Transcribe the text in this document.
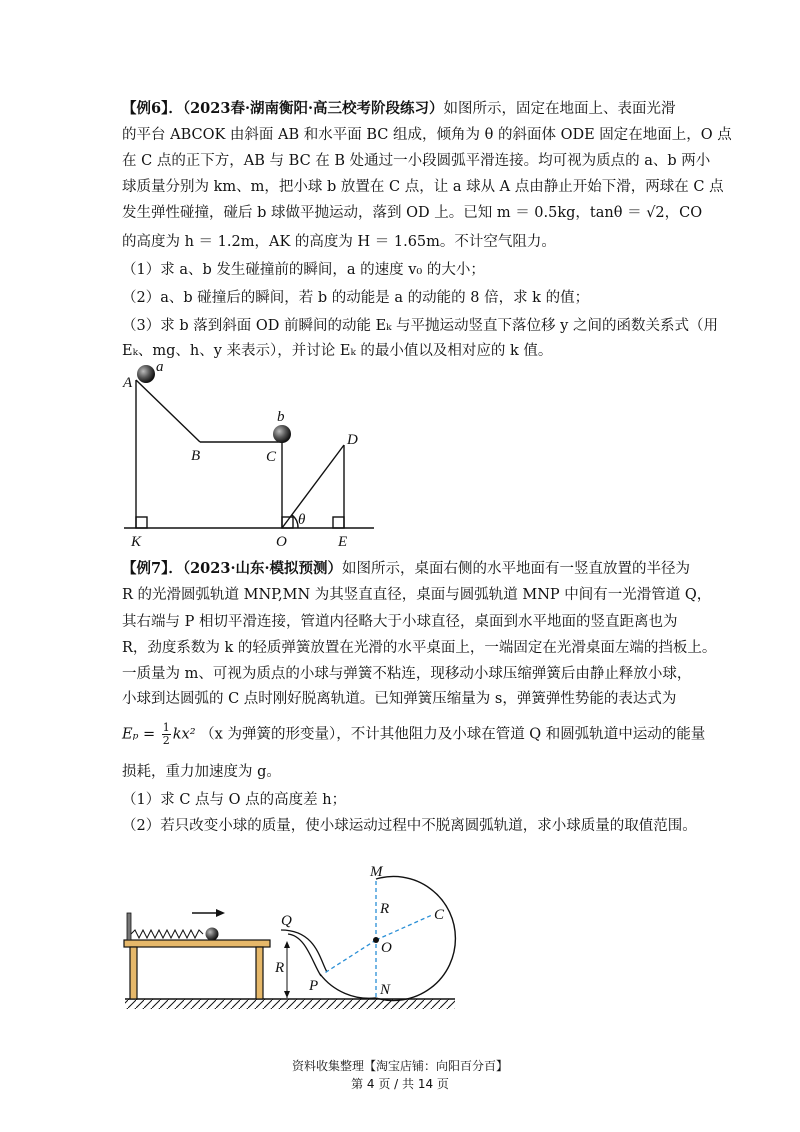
【例6】．（2023春·湖南衡阳·高三校考阶段练习）如图所示，固定在地面上、表面光滑
的平台 ABCOK 由斜面 AB 和水平面 BC 组成，倾角为 θ 的斜面体 ODE 固定在地面上，O 点
在 C 点的正下方，AB 与 BC 在 B 处通过一小段圆弧平滑连接。均可视为质点的 a、b 两小
球质量分别为 km、m，把小球 b 放置在 C 点，让 a 球从 A 点由静止开始下滑，两球在 C 点
发生弹性碰撞，碰后 b 球做平抛运动，落到 OD 上。已知 m ＝ 0.5kg，tanθ ＝ √2，CO
的高度为 h ＝ 1.2m，AK 的高度为 H ＝ 1.65m。不计空气阻力。
（1）求 a、b 发生碰撞前的瞬间，a 的速度 v₀ 的大小；
（2）a、b 碰撞后的瞬间，若 b 的动能是 a 的动能的 8 倍，求 k 的值；
（3）求 b 落到斜面 OD 前瞬间的动能 Eₖ 与平抛运动竖直下落位移 y 之间的函数关系式（用
Eₖ、mg、h、y 来表示），并讨论 Eₖ 的最小值以及相对应的 k 值。
A
a
B
b
C
D
θ
K	O	E
【例7】．（2023·山东·模拟预测）如图所示，桌面右侧的水平地面有一竖直放置的半径为
R 的光滑圆弧轨道 MNP,MN 为其竖直直径，桌面与圆弧轨道 MNP 中间有一光滑管道 Q，
其右端与 P 相切平滑连接，管道内径略大于小球直径，桌面到水平地面的竖直距离也为
R，劲度系数为 k 的轻质弹簧放置在光滑的水平桌面上，一端固定在光滑桌面左端的挡板上。
一质量为 m、可视为质点的小球与弹簧不粘连，现移动小球压缩弹簧后由静止释放小球，
小球到达圆弧的 C 点时刚好脱离轨道。已知弹簧压缩量为 s，弹簧弹性势能的表达式为
$E_p = \frac{1}{2} kx^2$ （x 为弹簧的形变量），不计其他阻力及小球在管道 Q 和圆弧轨道中运动的能量
损耗，重力加速度为 g。
（1）求 C 点与 O 点的高度差 h；
（2）若只改变小球的质量，使小球运动过程中不脱离圆弧轨道，求小球质量的取值范围。
M
R	C
Q
O
R
P	N
资料收集整理【淘宝店铺：向阳百分百】
第 4 页 / 共 14 页
